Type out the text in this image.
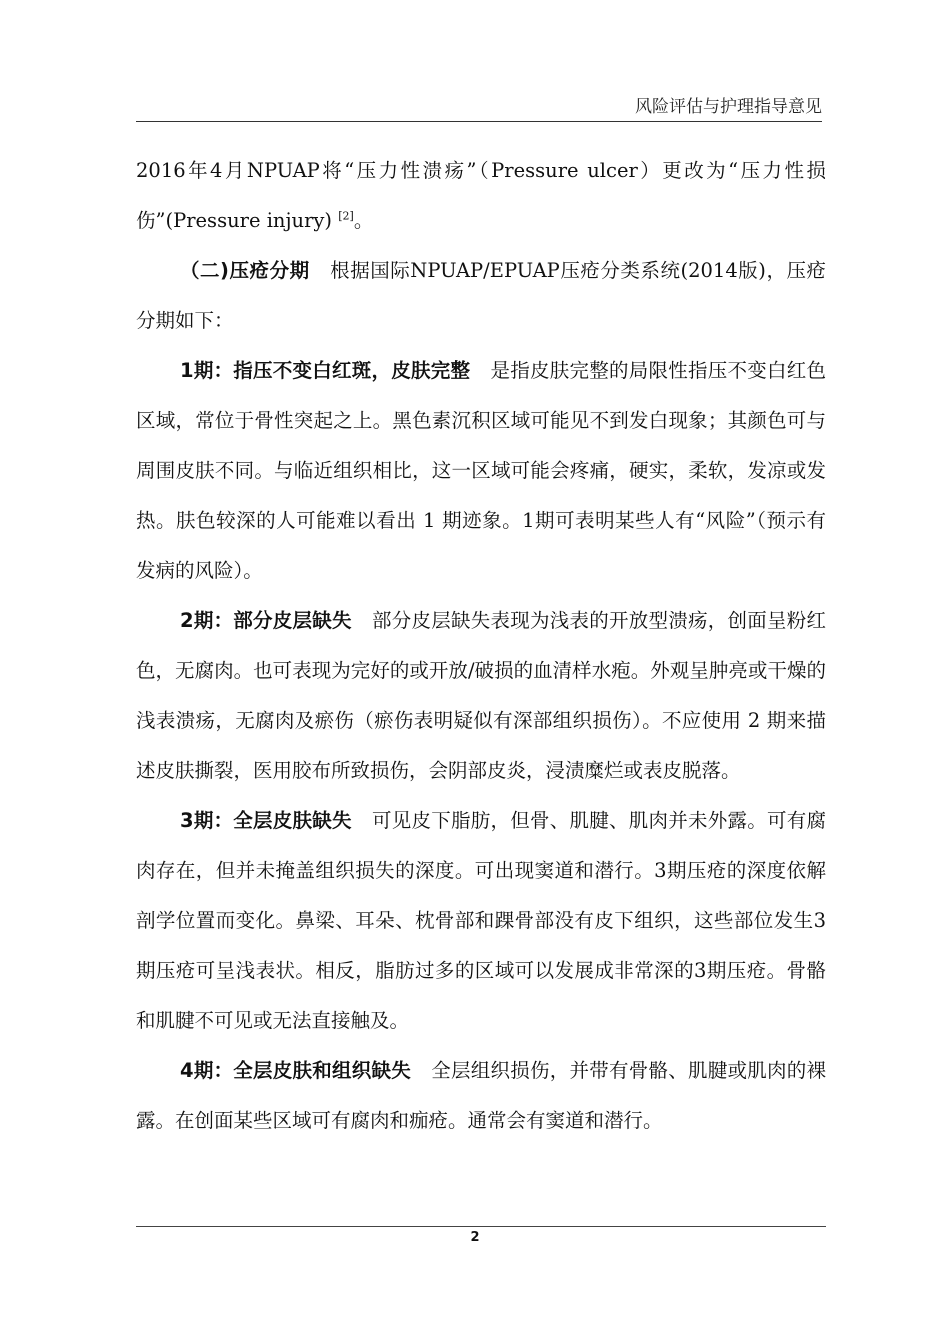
风险评估与护理指导意见

2016年4月NPUAP将“压力性溃疡”（Pressure ulcer）更改为“压力性损伤”(Pressure injury) [2]。

（二)压疮分期 根据国际NPUAP/EPUAP压疮分类系统(2014版)，压疮分期如下：

1期：指压不变白红斑，皮肤完整 是指皮肤完整的局限性指压不变白红色区域，常位于骨性突起之上。黑色素沉积区域可能见不到发白现象；其颜色可与周围皮肤不同。与临近组织相比，这一区域可能会疼痛，硬实，柔软，发凉或发热。肤色较深的人可能难以看出 1 期迹象。1期可表明某些人有“风险”（预示有发病的风险）。

2期：部分皮层缺失 部分皮层缺失表现为浅表的开放型溃疡，创面呈粉红色，无腐肉。也可表现为完好的或开放/破损的血清样水疱。外观呈肿亮或干燥的浅表溃疡，无腐肉及瘀伤（瘀伤表明疑似有深部组织损伤）。不应使用 2 期来描述皮肤撕裂，医用胶布所致损伤，会阴部皮炎，浸渍糜烂或表皮脱落。

3期：全层皮肤缺失 可见皮下脂肪，但骨、肌腱、肌肉并未外露。可有腐肉存在，但并未掩盖组织损失的深度。可出现窦道和潜行。3期压疮的深度依解剖学位置而变化。鼻梁、耳朵、枕骨部和踝骨部没有皮下组织，这些部位发生3期压疮可呈浅表状。相反，脂肪过多的区域可以发展成非常深的3期压疮。骨骼和肌腱不可见或无法直接触及。

4期：全层皮肤和组织缺失 全层组织损伤，并带有骨骼、肌腱或肌肉的裸露。在创面某些区域可有腐肉和痂疮。通常会有窦道和潜行。

2
